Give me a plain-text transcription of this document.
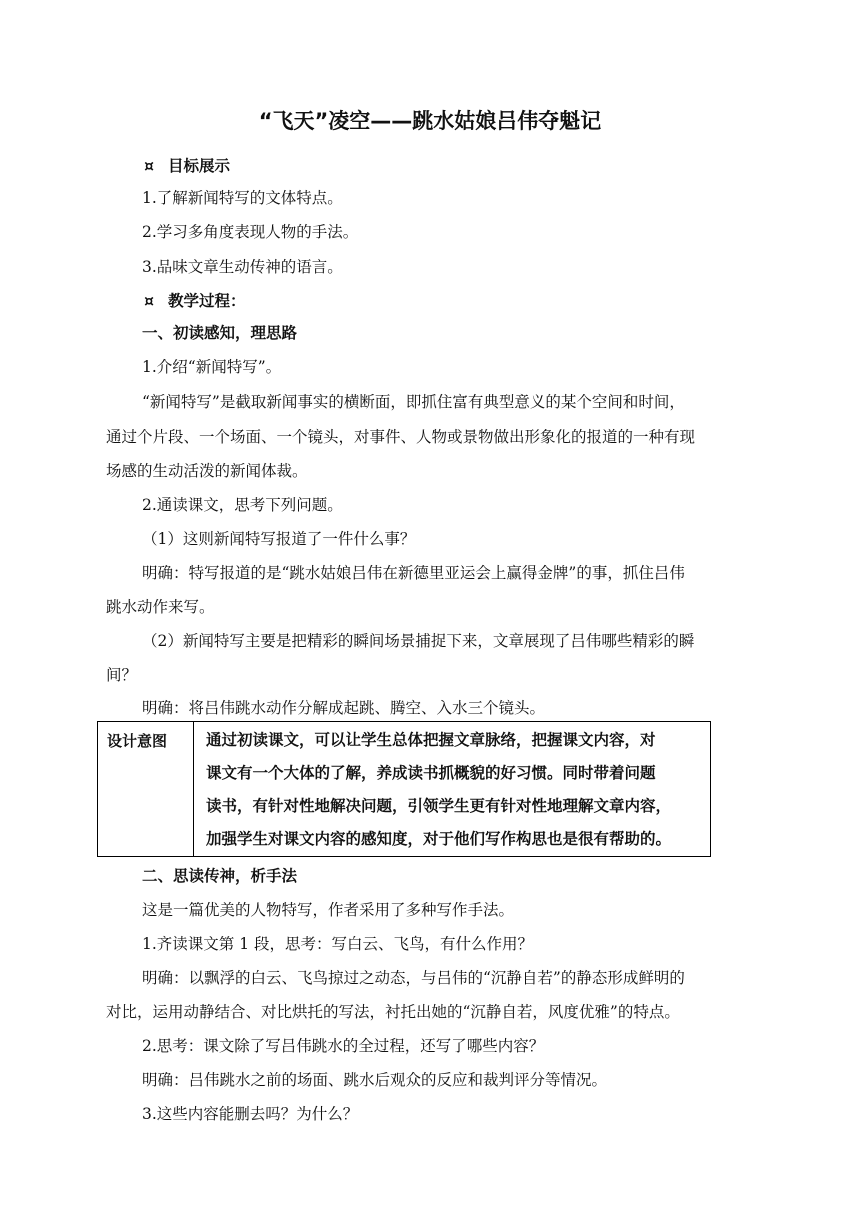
“飞天”凌空——跳水姑娘吕伟夺魁记
¤ 目标展示
1.了解新闻特写的文体特点。
2.学习多角度表现人物的手法。
3.品味文章生动传神的语言。
¤ 教学过程：
一、初读感知，理思路
1.介绍“新闻特写”。
“新闻特写”是截取新闻事实的横断面，即抓住富有典型意义的某个空间和时间，
通过个片段、一个场面、一个镜头，对事件、人物或景物做出形象化的报道的一种有现
场感的生动活泼的新闻体裁。
2.通读课文，思考下列问题。
（1）这则新闻特写报道了一件什么事？
明确：特写报道的是“跳水姑娘吕伟在新德里亚运会上赢得金牌”的事，抓住吕伟
跳水动作来写。
（2）新闻特写主要是把精彩的瞬间场景捕捉下来，文章展现了吕伟哪些精彩的瞬
间？
明确：将吕伟跳水动作分解成起跳、腾空、入水三个镜头。
设计意图	通过初读课文，可以让学生总体把握文章脉络，把握课文内容，对
课文有一个大体的了解，养成读书抓概貌的好习惯。同时带着问题
读书，有针对性地解决问题，引领学生更有针对性地理解文章内容，
加强学生对课文内容的感知度，对于他们写作构思也是很有帮助的。
二、思读传神，析手法
这是一篇优美的人物特写，作者采用了多种写作手法。
1.齐读课文第 1 段，思考：写白云、飞鸟，有什么作用？
明确：以飘浮的白云、飞鸟掠过之动态，与吕伟的“沉静自若”的静态形成鲜明的
对比，运用动静结合、对比烘托的写法，衬托出她的“沉静自若，风度优雅”的特点。
2.思考：课文除了写吕伟跳水的全过程，还写了哪些内容？
明确：吕伟跳水之前的场面、跳水后观众的反应和裁判评分等情况。
3.这些内容能删去吗？为什么？
